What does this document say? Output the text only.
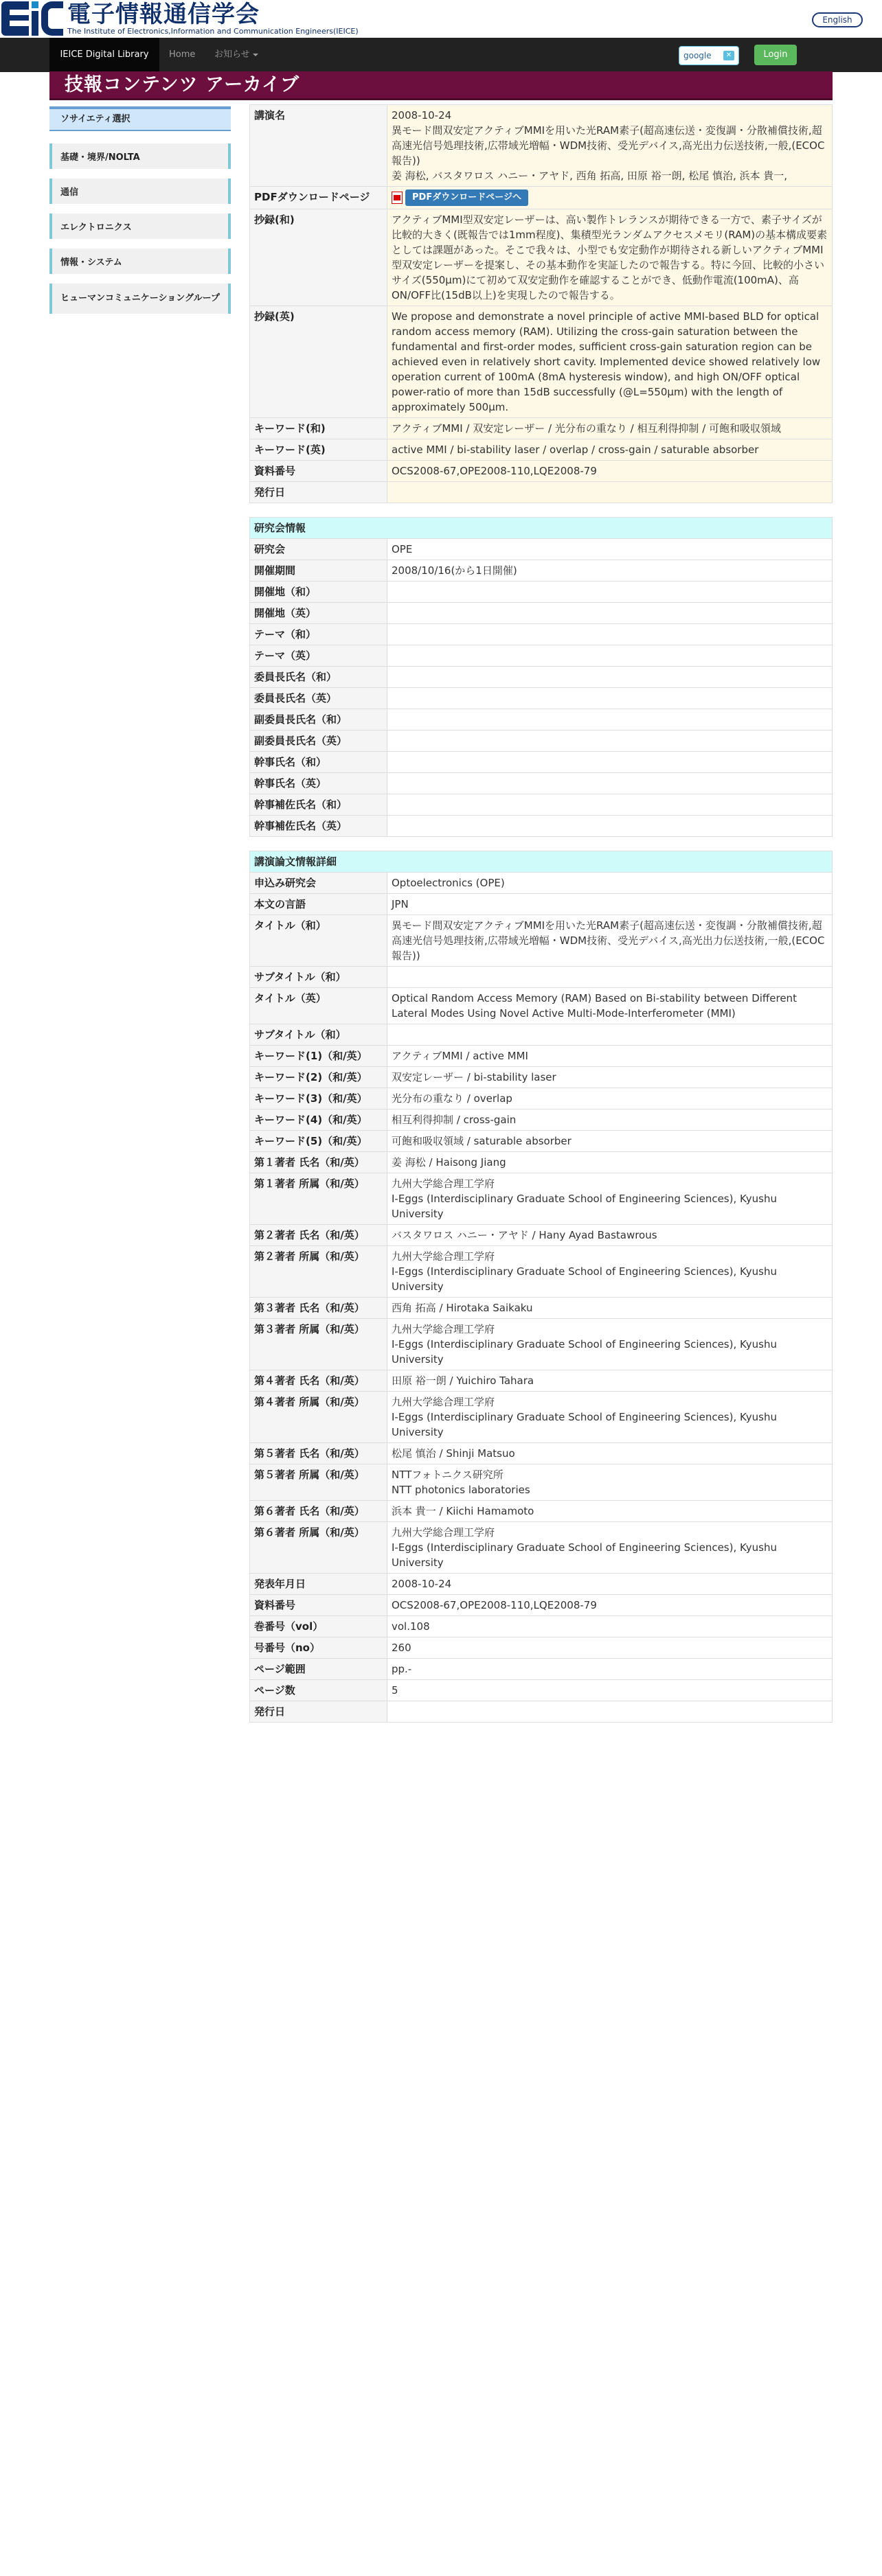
電子情報通信学会
The Institute of Electronics,Information and Communication Engineers(IEICE)
English
IEICE Digital Library	Home お知らせ	google	✕	Login
技報コンテンツ アーカイブ
ソサイエティ選択
基礎・境界/NOLTA
通信
エレクトロニクス
情報・システム
ヒューマンコミュニケーショングループ
講演名	2008-10-24
異モード間双安定アクティブMMIを用いた光RAM素子(超高速伝送・変復調・分散補償技術,超高速光信号処理技術,広帯域光増幅・WDM技術、受光デバイス,高光出力伝送技術,一般,(ECOC報告))
姜 海松, バスタワロス ハニー・アヤド, 西角 拓高, 田原 裕一朗, 松尾 慎治, 浜本 貴一,
PDFダウンロードページ	PDFダウンロードページへ
抄録(和)	アクティブMMI型双安定レーザーは、高い製作トレランスが期待できる一方で、素子サイズが比較的大きく(既報告では1mm程度)、集積型光ランダムアクセスメモリ(RAM)の基本構成要素としては課題があった。そこで我々は、小型でも安定動作が期待される新しいアクティブMMI型双安定レーザーを提案し、その基本動作を実証したので報告する。特に今回、比較的小さいサイズ(550μm)にて初めて双安定動作を確認することができ、低動作電流(100mA)、高ON/OFF比(15dB以上)を実現したので報告する。
抄録(英)	We propose and demonstrate a novel principle of active MMI-based BLD for optical random access memory (RAM). Utilizing the cross-gain saturation between the fundamental and first-order modes, sufficient cross-gain saturation region can be achieved even in relatively short cavity. Implemented device showed relatively low operation current of 100mA (8mA hysteresis window), and high ON/OFF optical power-ratio of more than 15dB successfully (@L=550μm) with the length of approximately 500μm.
キーワード(和)	アクティブMMI / 双安定レーザー / 光分布の重なり / 相互利得抑制 / 可飽和吸収領域
キーワード(英)	active MMI / bi-stability laser / overlap / cross-gain / saturable absorber
資料番号	OCS2008-67,OPE2008-110,LQE2008-79
発行日	
研究会情報	
研究会	OPE
開催期間	2008/10/16(から1日開催)
開催地（和）	
開催地（英）	
テーマ（和）	
テーマ（英）	
委員長氏名（和）	
委員長氏名（英）	
副委員長氏名（和）	
副委員長氏名（英）	
幹事氏名（和）	
幹事氏名（英）	
幹事補佐氏名（和）	
幹事補佐氏名（英）	
講演論文情報詳細	
申込み研究会	Optoelectronics (OPE)
本文の言語	JPN
タイトル（和）	異モード間双安定アクティブMMIを用いた光RAM素子(超高速伝送・変復調・分散補償技術,超高速光信号処理技術,広帯域光増幅・WDM技術、受光デバイス,高光出力伝送技術,一般,(ECOC報告))
サブタイトル（和）	
タイトル（英）	Optical Random Access Memory (RAM) Based on Bi-stability between Different Lateral Modes Using Novel Active Multi-Mode-Interferometer (MMI)
サブタイトル（和）	
キーワード(1)（和/英）	アクティブMMI / active MMI
キーワード(2)（和/英）	双安定レーザー / bi-stability laser
キーワード(3)（和/英）	光分布の重なり / overlap
キーワード(4)（和/英）	相互利得抑制 / cross-gain
キーワード(5)（和/英）	可飽和吸収領域 / saturable absorber
第１著者 氏名（和/英）	姜 海松 / Haisong Jiang
第１著者 所属（和/英）	九州大学総合理工学府
I-Eggs (Interdisciplinary Graduate School of Engineering Sciences), Kyushu University
第２著者 氏名（和/英）	バスタワロス ハニー・アヤド / Hany Ayad Bastawrous
第２著者 所属（和/英）	九州大学総合理工学府
I-Eggs (Interdisciplinary Graduate School of Engineering Sciences), Kyushu University
第３著者 氏名（和/英）	西角 拓高 / Hirotaka Saikaku
第３著者 所属（和/英）	九州大学総合理工学府
I-Eggs (Interdisciplinary Graduate School of Engineering Sciences), Kyushu University
第４著者 氏名（和/英）	田原 裕一朗 / Yuichiro Tahara
第４著者 所属（和/英）	九州大学総合理工学府
I-Eggs (Interdisciplinary Graduate School of Engineering Sciences), Kyushu University
第５著者 氏名（和/英）	松尾 慎治 / Shinji Matsuo
第５著者 所属（和/英）	NTTフォトニクス研究所
NTT photonics laboratories
第６著者 氏名（和/英）	浜本 貴一 / Kiichi Hamamoto
第６著者 所属（和/英）	九州大学総合理工学府
I-Eggs (Interdisciplinary Graduate School of Engineering Sciences), Kyushu University
発表年月日	2008-10-24
資料番号	OCS2008-67,OPE2008-110,LQE2008-79
巻番号（vol）	vol.108
号番号（no）	260
ページ範囲	pp.-
ページ数	5
発行日	
